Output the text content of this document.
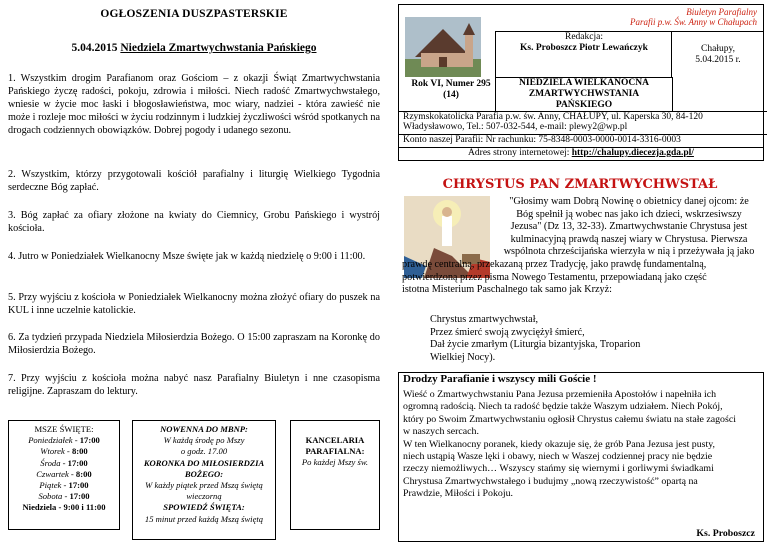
OGŁOSZENIA DUSZPASTERSKIE
5.04.2015 Niedziela Zmartwychwstania Pańskiego

1. Wszystkim drogim Parafianom oraz Gościom – z okazji Świąt Zmartwychwstania Pańskiego życzę radości, pokoju, zdrowia i miłości. Niech radość Zmartwychwstałego, wniesie w życie moc łaski i błogosławieństwa, moc wiary, nadziei - która zawieść nie może i rozleje moc miłości w życiu rodzinnym i ludzkiej życzliwości wśród spotkanych na drogach codziennych obowiązków. Dobrej pogody i udanego sezonu.

2. Wszystkim, którzy przygotowali kościół parafialny i liturgię Wielkiego Tygodnia serdeczne Bóg zapłać.

3. Bóg zapłać za ofiary złożone na kwiaty do Ciemnicy, Grobu Pańskiego i wystrój kościoła.

4. Jutro w Poniedziałek Wielkanocny Msze święte jak w każdą niedzielę o 9:00 i 11:00.

5. Przy wyjściu z kościoła w Poniedziałek Wielkanocny można złożyć ofiary do puszek na KUL i inne uczelnie katolickie.

6. Za tydzień przypada Niedziela Miłosierdzia Bożego. O 15:00 zapraszam na Koronkę do Miłosierdzia Bożego.

7. Przy wyjściu z kościoła można nabyć nasz Parafialny Biuletyn i nne czasopisma religijne. Zapraszam do lektury.

MSZE ŚWIĘTE:
Poniedziałek - 17:00
Wtorek - 8:00
Środa - 17:00
Czwartek - 8:00
Piątek - 17:00
Sobota - 17:00
Niedziela - 9:00 i 11:00
NOWENNA DO MBNP:
W każdą środę po Mszy
o godz. 17.00
KORONKA DO MIŁOSIERDZIA
BOŻEGO:
W każdy piątek przed Mszą świętą
wieczorną
SPOWIEDŹ ŚWIĘTA:
15 minut przed każdą Mszą świętą
KANCELARIA
PARAFIALNA:
Po każdej Mszy św.
Biuletyn Parafialny
Parafii p.w. Św. Anny w Chałupach
Redakcja:
Ks. Proboszcz Piotr Lewańczyk	Chałupy,
5.04.2015 r.
Rok VI, Numer 295
(14)
NIEDZIELA WIELKANOCNA
ZMARTWYCHWSTANIA
PAŃSKIEGO
Rzymskokatolicka Parafia p.w. św. Anny, CHAŁUPY, ul. Kaperska 30, 84-120
Władysławowo, Tel.: 507-032-544, e-mail: plewy2@wp.pl
Konto naszej Parafii: Nr rachunku: 75-8348-0003-0000-0014-3316-0003
Adres strony internetowej: http://chalupy.diecezja.gda.pl/
CHRYSTUS PAN ZMARTWYCHWSTAŁ
"Głosimy wam Dobrą Nowinę o obietnicy danej ojcom: że
Bóg spełnił ją wobec nas jako ich dzieci, wskrzesiwszy
Jezusa" (Dz 13, 32-33). Zmartwychwstanie Chrystusa jest
kulminacyjną prawdą naszej wiary w Chrystusa. Pierwsza
wspólnota chrześcijańska wierzyła w nią i przeżywała ją jako
prawdę centralną, przekazaną przez Tradycję, jako prawdę fundamentalną,
potwierdzoną przez pisma Nowego Testamentu, przepowiadaną jako część
istotna Misterium Paschalnego tak samo jak Krzyż:
Chrystus zmartwychwstał,
Przez śmierć swoją zwyciężył śmierć,
Dał życie zmarłym (Liturgia bizantyjska, Troparion
Wielkiej Nocy).
Drodzy Parafianie i wszyscy mili Goście !
Wieść o Zmartwychwstaniu Pana Jezusa przemieniła Apostołów i napełniła ich
ogromną radością. Niech ta radość będzie także Waszym udziałem. Niech Pokój,
który po Swoim Zmartwychwstaniu ogłosił Chrystus całemu światu na stałe zagości
w naszych sercach.
W ten Wielkanocny poranek, kiedy okazuje się, że grób Pana Jezusa jest pusty,
niech ustąpią Wasze lęki i obawy, niech w Waszej codziennej pracy nie będzie
rzeczy niemożliwych… Wszyscy stańmy się wiernymi i gorliwymi świadkami
Chrystusa Zmartwychwstałego i budujmy „nową rzeczywistość” opartą na
Prawdzie, Miłości i Pokoju.
Ks. Proboszcz
